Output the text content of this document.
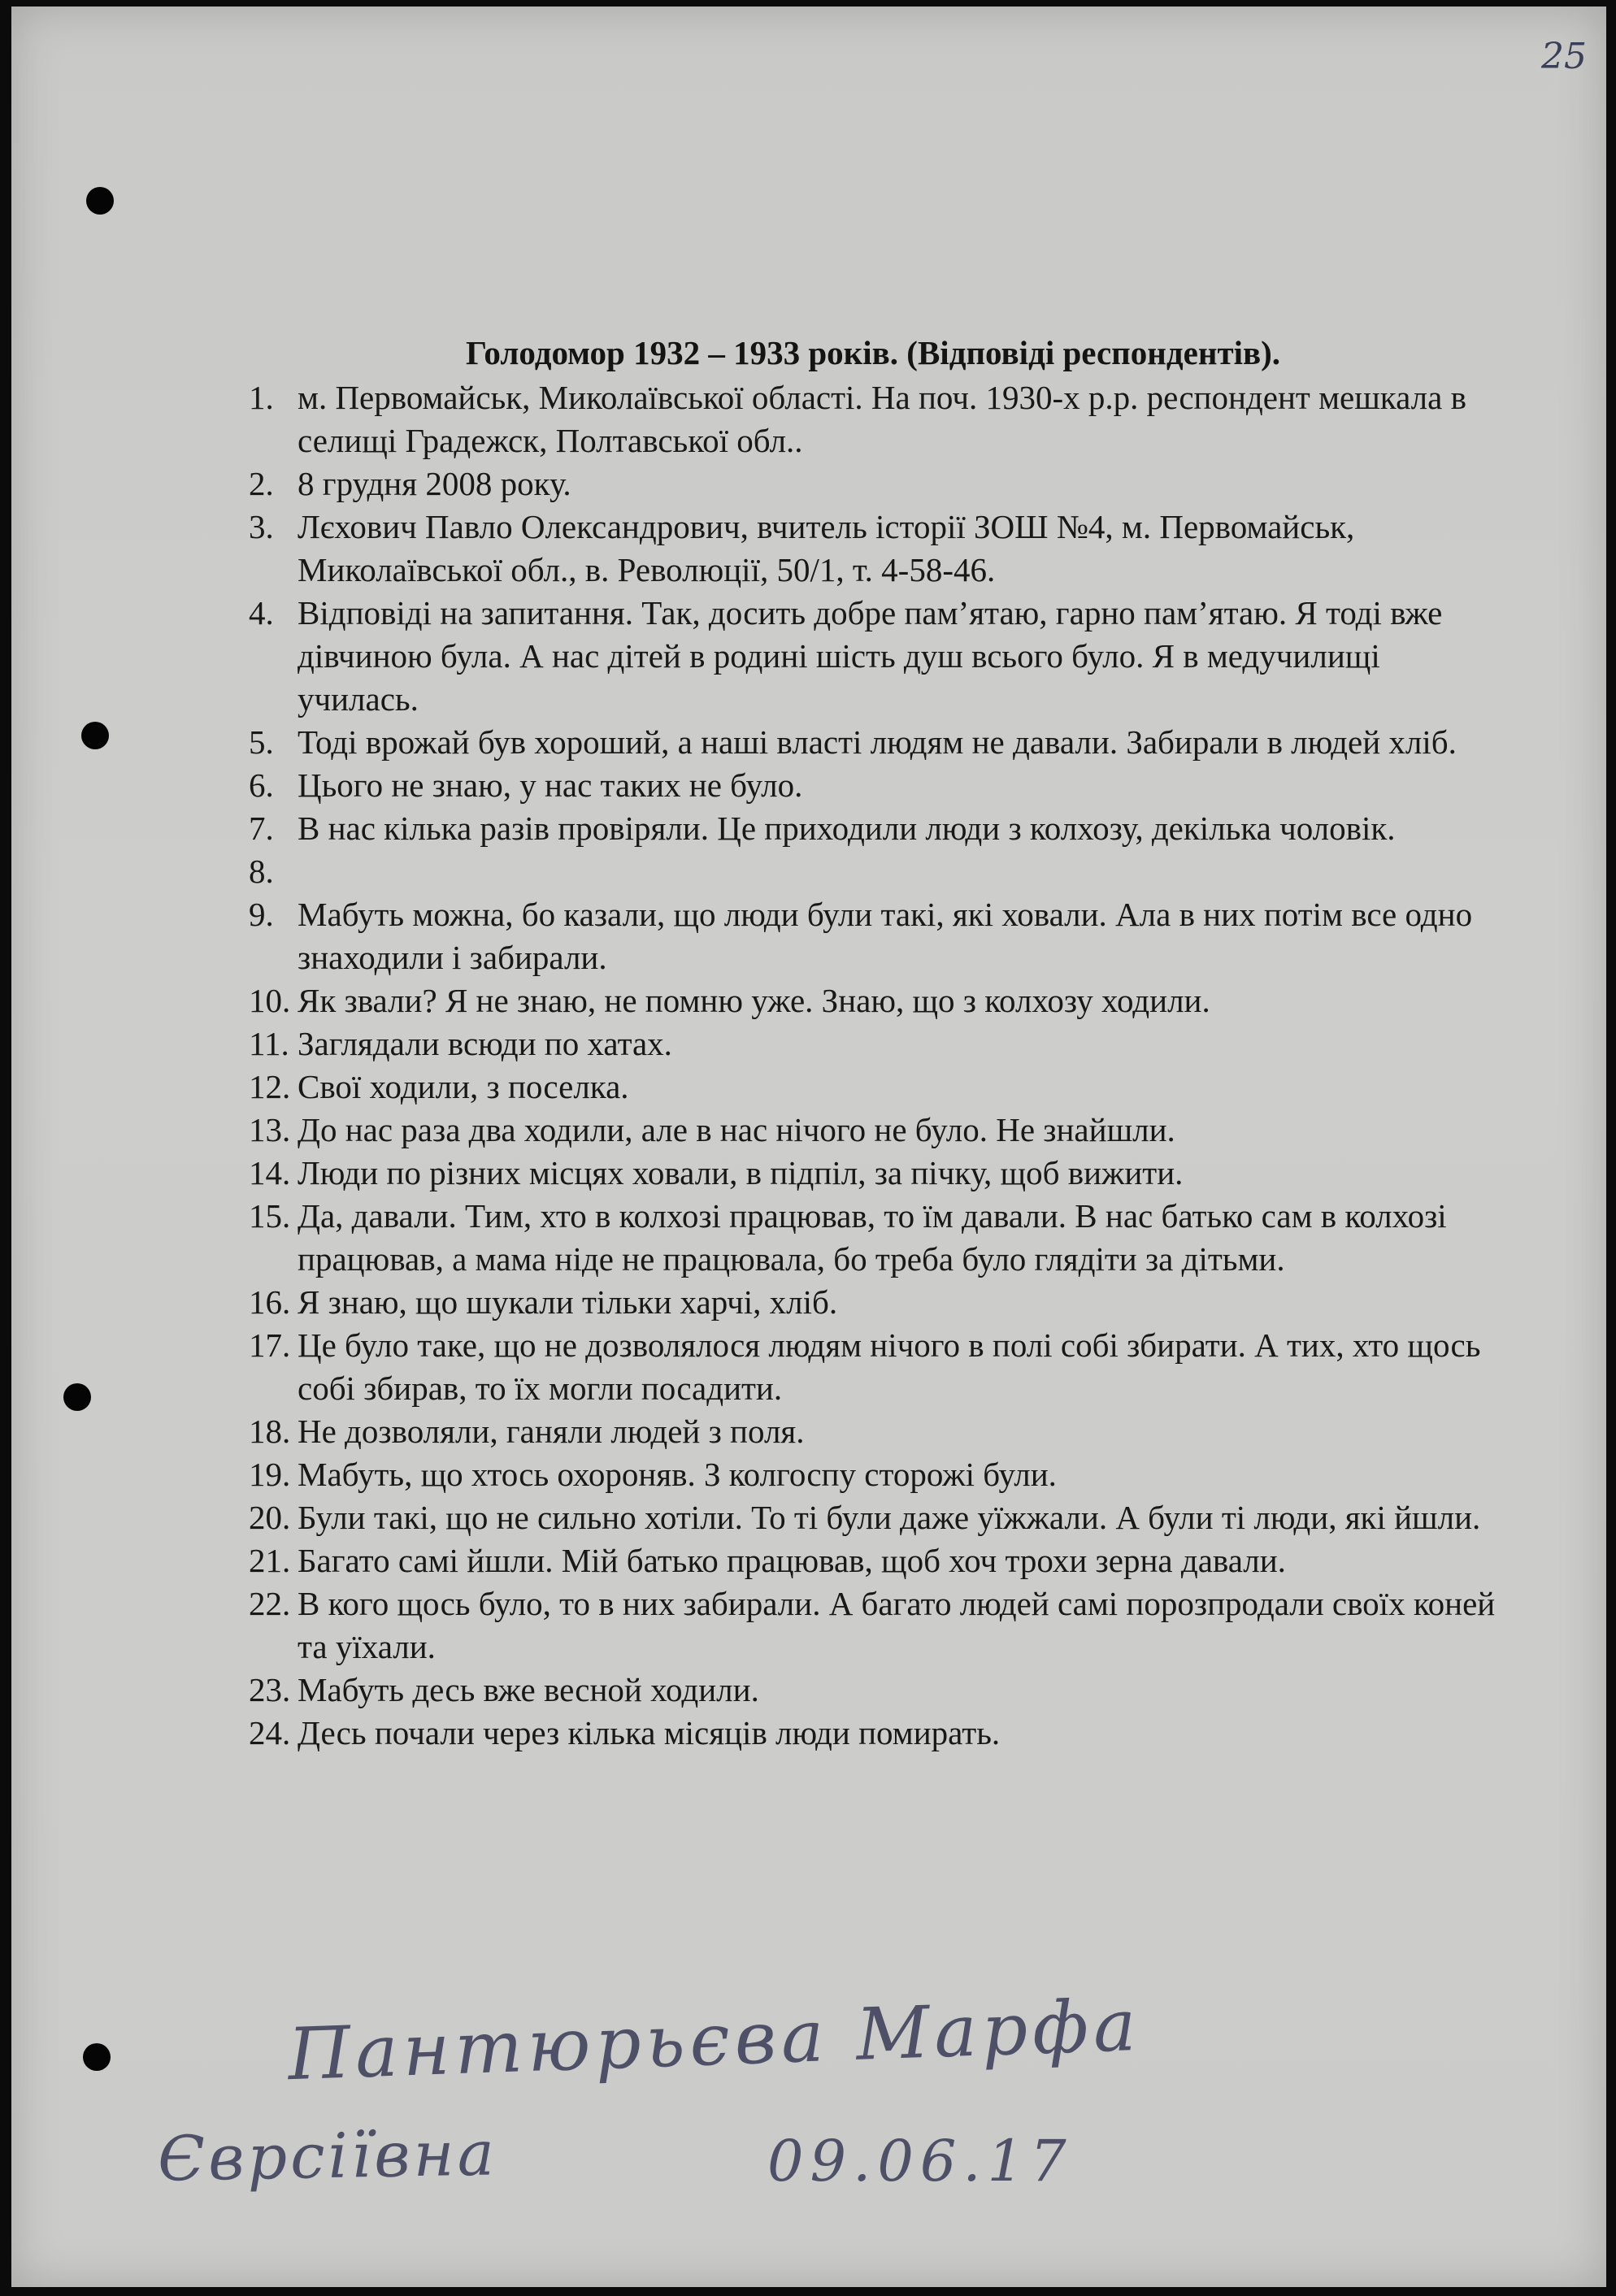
25
Голодомор 1932 – 1933 років. (Відповіді респондентів).
1. м. Первомайськ, Миколаївської області. На поч. 1930-х р.р. респондент мешкала в селищі Градежск, Полтавської обл..
2. 8 грудня 2008 року.
3. Лєхович Павло Олександрович, вчитель історії ЗОШ №4, м. Первомайськ, Миколаївської обл., в. Революції, 50/1, т. 4-58-46.
4. Відповіді на запитання. Так, досить добре пам’ятаю, гарно пам’ятаю. Я тоді вже дівчиною була. А нас дітей в родині шість душ всього було. Я в медучилищі училась.
5. Тоді врожай був хороший, а наші власті людям не давали. Забирали в людей хліб.
6. Цього не знаю, у нас таких не було.
7. В нас кілька разів провіряли. Це приходили люди з колхозу, декілька чоловік.
8.

9. Мабуть можна, бо казали, що люди були такі, які ховали. Ала в них потім все одно знаходили і забирали.
10. Як звали? Я не знаю, не помню уже. Знаю, що з колхозу ходили.
11. Заглядали всюди по хатах.
12. Свої ходили, з поселка.
13. До нас раза два ходили, але в нас нічого не було. Не знайшли.
14. Люди по різних місцях ховали, в підпіл, за пічку, щоб вижити.
15. Да, давали. Тим, хто в колхозі працював, то їм давали. В нас батько сам в колхозі працював, а мама ніде не працювала, бо треба було глядіти за дітьми.
16. Я знаю, що шукали тільки харчі, хліб.
17. Це було таке, що не дозволялося людям нічого в полі собі збирати. А тих, хто щось собі збирав, то їх могли посадити.
18. Не дозволяли, ганяли людей з поля.
19. Мабуть, що хтось охороняв. З колгоспу сторожі були.
20. Були такі, що не сильно хотіли. То ті були даже уїжжали. А були ті люди, які йшли.
21. Багато самі йшли. Мій батько працював, щоб хоч трохи зерна давали.
22. В кого щось було, то в них забирали. А багато людей самі порозпродали своїх коней та уїхали.
23. Мабуть десь вже весной ходили.
24. Десь почали через кілька місяців люди помирать.
Пантюрьєва Марфа
Єврсіївна	09.06.17
